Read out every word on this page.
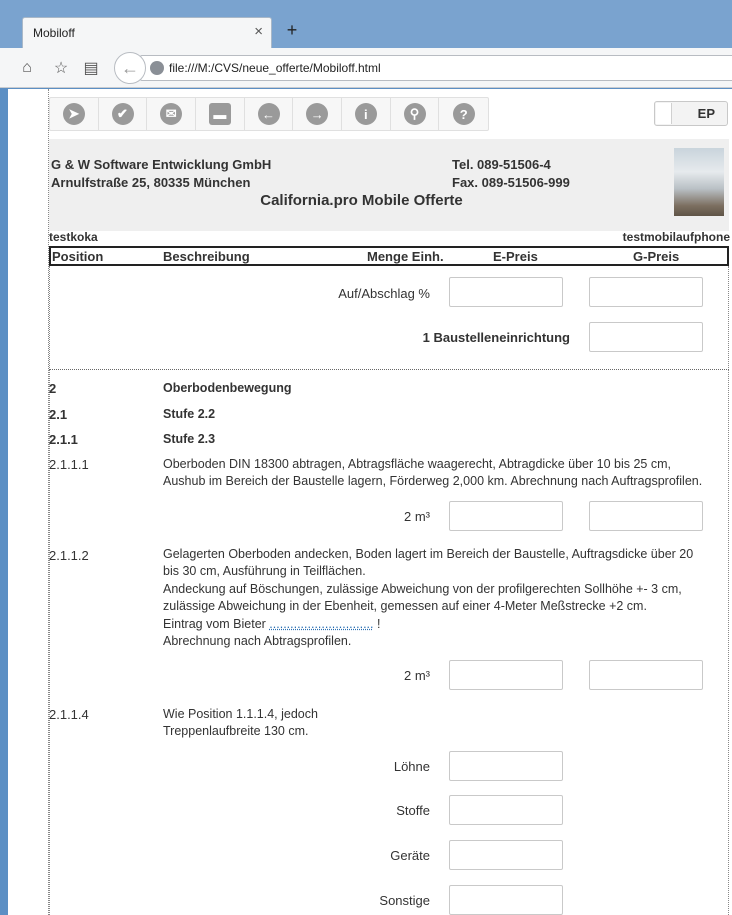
Mobiloff	× +
⌂	☆ ▤	file:///M:/CVS/neue_offerte/Mobiloff.html
←
➤	✔	✉	▬	←	→	i	⚲	?	EP
G & W Software Entwicklung GmbH
Arnulfstraße 25, 80335 München
Tel. 089-51506-4
Fax. 089-51506-999
California.pro Mobile Offerte
testkoka	testmobilaufphone
Position	Beschreibung	Menge Einh.	E-Preis	G-Preis
Auf/Abschlag %
1 Baustelleneinrichtung
2	Oberbodenbewegung
2.1	Stufe 2.2
2.1.1	Stufe 2.3
2.1.1.1	Oberboden DIN 18300 abtragen, Abtragsfläche waagerecht, Abtragdicke über 10 bis 25 cm,
Aushub im Bereich der Baustelle lagern, Förderweg 2,000 km. Abrechnung nach Auftragsprofilen.
2 m³
2.1.1.2	Gelagerten Oberboden andecken, Boden lagert im Bereich der Baustelle, Auftragsdicke über 20
bis 30 cm, Ausführung in Teilflächen.
Andeckung auf Böschungen, zulässige Abweichung von der profilgerechten Sollhöhe +- 3 cm,
zulässige Abweichung in der Ebenheit, gemessen auf einer 4-Meter Meßstrecke +2 cm.
Eintrag vom Bieter .............................. !
Abrechnung nach Abtragsprofilen.
2 m³
2.1.1.4	Wie Position 1.1.1.4, jedoch
Treppenlaufbreite 130 cm.
Löhne
Stoffe
Geräte
Sonstige
